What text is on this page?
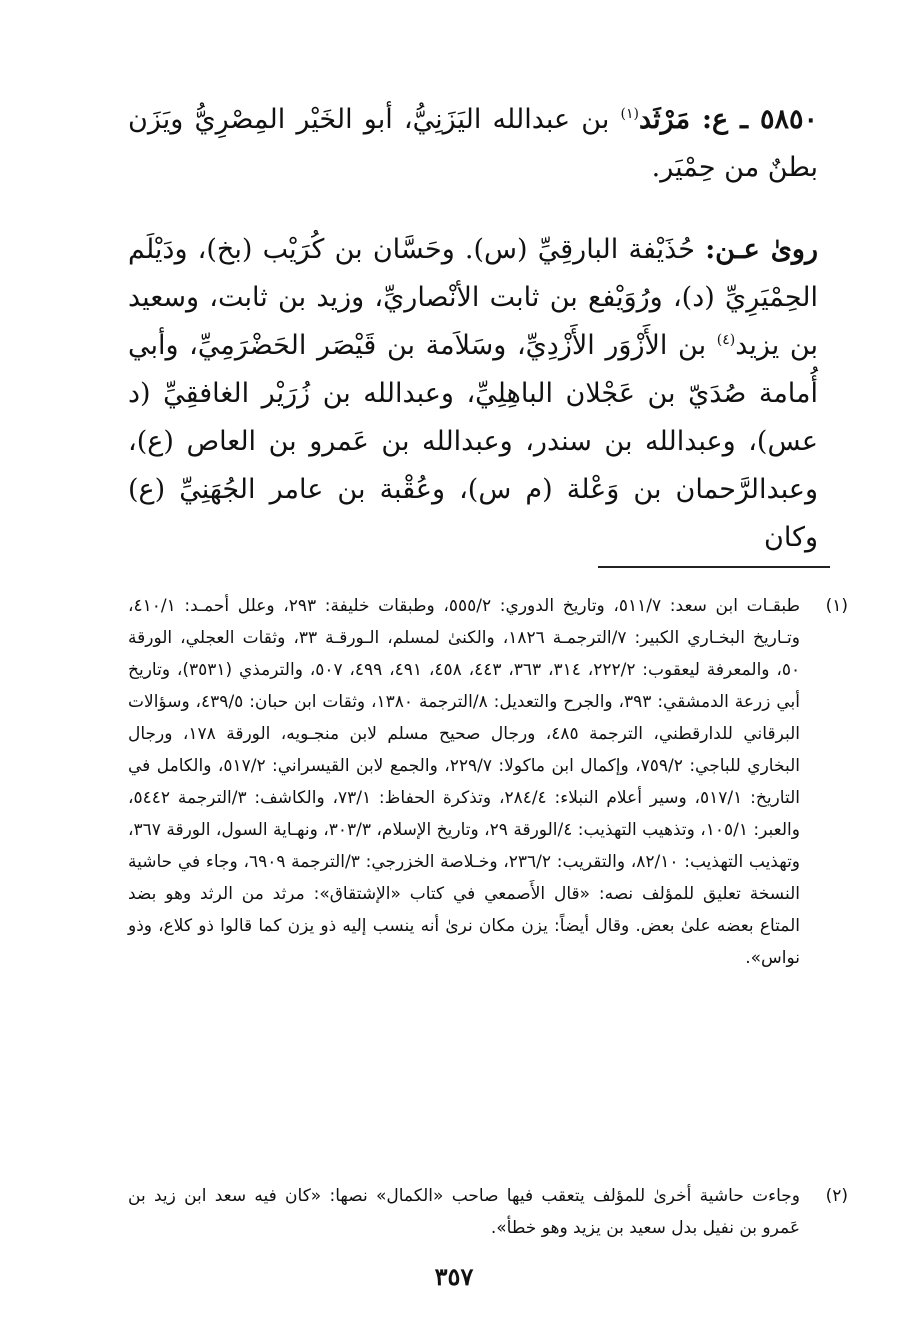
٥٨٥٠ ـ ع: مَرْثَد$^{(١)}$ بن عبدالله اليَزَنِيُّ، أبو الخَيْر المِصْرِيُّ ويَزَن بطنٌ من حِمْيَر.

روىٰ عـن: حُذَيْفة البارقِيِّ (س). وحَسَّان بن كُرَيْب (بخ)، ودَيْلَم الحِمْيَرِيِّ (د)، ورُوَيْفع بن ثابت الأنْصاريِّ، وزيد بن ثابت، وسعيد بن يزيد$^{(٤)}$ بن الأَزْوَر الأَزْدِيِّ، وسَلاَمة بن قَيْصَر الحَضْرَمِيِّ، وأبي أُمامة صُدَيّ بن عَجْلان الباهِلِيِّ، وعبدالله بن زُرَيْر الغافقِيِّ (د عس)، وعبدالله بن سندر، وعبدالله بن عَمرو بن العاص (ع)، وعبدالرَّحمان بن وَعْلة (م س)، وعُقْبة بن عامر الجُهَنِيِّ (ع) وكان

(١)
طبقـات ابن سعد: ٥١١/٧، وتاريخ الدوري: ٥٥٥/٢، وطبقات خليفة: ٢٩٣، وعلل أحمـد: ٤١٠/١، وتـاريخ البخـاري الكبير: ٧/الترجمـة ١٨٢٦، والكنىٰ لمسلم، الـورقـة ٣٣، وثقات العجلي، الورقة ٥٠، والمعرفة ليعقوب: ٢٢٢/٢، ٣١٤، ٣٦٣، ٤٤٣، ٤٥٨، ٤٩١، ٤٩٩، ٥٠٧، والترمذي (٣٥٣١)، وتاريخ أبي زرعة الدمشقي: ٣٩٣، والجرح والتعديل: ٨/الترجمة ١٣٨٠، وثقات ابن حبان: ٤٣٩/٥، وسؤالات البرقاني للدارقطني، الترجمة ٤٨٥، ورجال صحيح مسلم لابن منجـويه، الورقة ١٧٨، ورجال البخاري للباجي: ٧٥٩/٢، وإكمال ابن ماكولا: ٢٢٩/٧، والجمع لابن القيسراني: ٥١٧/٢، والكامل في التاريخ: ٥١٧/١، وسير أعلام النبلاء: ٢٨٤/٤، وتذكرة الحفاظ: ٧٣/١، والكاشف: ٣/الترجمة ٥٤٤٢، والعبر: ١٠٥/١، وتذهيب التهذيب: ٤/الورقة ٢٩، وتاريخ الإسلام، ٣٠٣/٣، ونهـاية السول، الورقة ٣٦٧، وتهذيب التهذيب: ٨٢/١٠، والتقريب: ٢٣٦/٢، وخـلاصة الخزرجي: ٣/الترجمة ٦٩٠٩، وجاء في حاشية النسخة تعليق للمؤلف نصه: «قال الأَصمعي في كتاب «الإشتقاق»: مرثد من الرثد وهو بضد المتاع بعضه علىٰ بعض. وقال أيضاً: يزن مكان نرىٰ أنه ينسب إليه ذو يزن كما قالوا ذو كلاع، وذو نواس».
(٢)
وجاءت حاشية أخرىٰ للمؤلف يتعقب فيها صاحب «الكمال» نصها: «كان فيه سعد ابن زيد بن عَمرو بن نفيل بدل سعيد بن يزيد وهو خطأ».
٣٥٧
